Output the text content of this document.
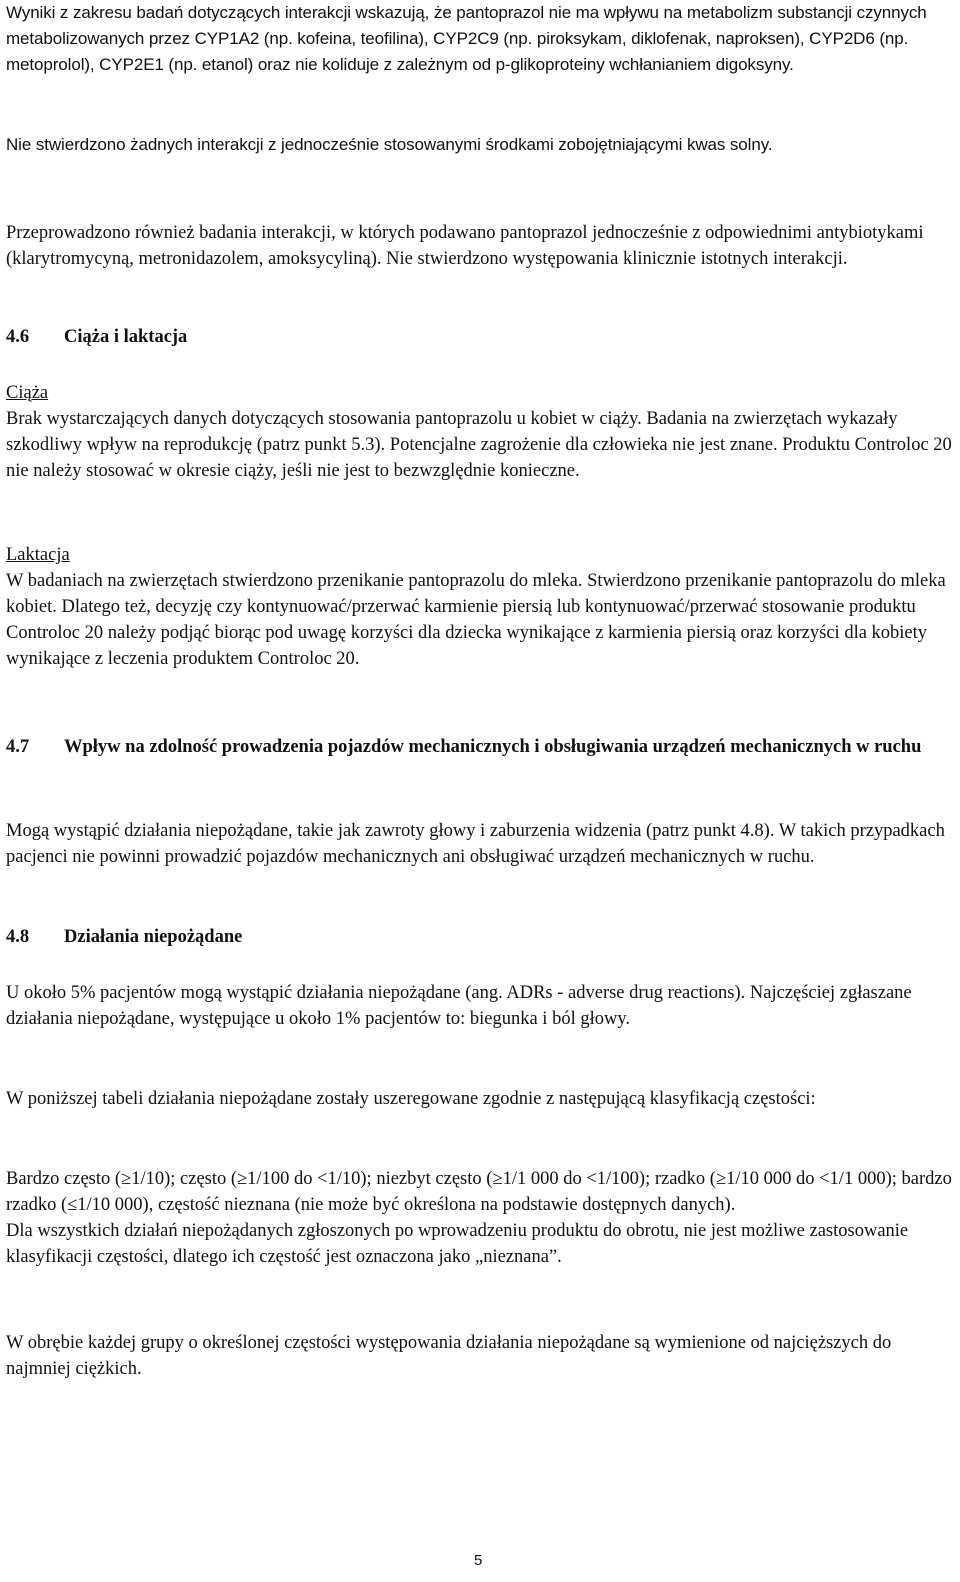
Wyniki z zakresu badań dotyczących interakcji wskazują, że pantoprazol nie ma wpływu na metabolizm substancji czynnych metabolizowanych przez CYP1A2 (np. kofeina, teofilina), CYP2C9 (np. piroksykam, diklofenak, naproksen), CYP2D6 (np. metoprolol), CYP2E1 (np. etanol) oraz nie koliduje z zależnym od p-glikoproteiny wchłanianiem digoksyny.

Nie stwierdzono żadnych interakcji z jednocześnie stosowanymi środkami zobojętniającymi kwas solny.

Przeprowadzono również badania interakcji, w których podawano pantoprazol jednocześnie z odpowiednimi antybiotykami (klarytromycyną, metronidazolem, amoksycyliną). Nie stwierdzono występowania klinicznie istotnych interakcji.

4.6 Ciąża i laktacja

Ciąża

Brak wystarczających danych dotyczących stosowania pantoprazolu u kobiet w ciąży. Badania na zwierzętach wykazały szkodliwy wpływ na reprodukcję (patrz punkt 5.3). Potencjalne zagrożenie dla człowieka nie jest znane. Produktu Controloc 20 nie należy stosować w okresie ciąży, jeśli nie jest to bezwzględnie konieczne.

Laktacja

W badaniach na zwierzętach stwierdzono przenikanie pantoprazolu do mleka. Stwierdzono przenikanie pantoprazolu do mleka kobiet. Dlatego też, decyzję czy kontynuować/przerwać karmienie piersią lub kontynuować/przerwać stosowanie produktu Controloc 20 należy podjąć biorąc pod uwagę korzyści dla dziecka wynikające z karmienia piersią oraz korzyści dla kobiety wynikające z leczenia produktem Controloc 20.

4.7	Wpływ na zdolność prowadzenia pojazdów mechanicznych i obsługiwania urządzeń mechanicznych w ruchu

Mogą wystąpić działania niepożądane, takie jak zawroty głowy i zaburzenia widzenia (patrz punkt 4.8). W takich przypadkach pacjenci nie powinni prowadzić pojazdów mechanicznych ani obsługiwać urządzeń mechanicznych w ruchu.

4.8 Działania niepożądane

U około 5% pacjentów mogą wystąpić działania niepożądane (ang. ADRs - adverse drug reactions). Najczęściej zgłaszane działania niepożądane, występujące u około 1% pacjentów to: biegunka i ból głowy.

W poniższej tabeli działania niepożądane zostały uszeregowane zgodnie z następującą klasyfikacją częstości:

Bardzo często (≥1/10); często (≥1/100 do <1/10); niezbyt często (≥1/1 000 do <1/100); rzadko (≥1/10 000 do <1/1 000); bardzo rzadko (≤1/10 000), częstość nieznana (nie może być określona na podstawie dostępnych danych).
Dla wszystkich działań niepożądanych zgłoszonych po wprowadzeniu produktu do obrotu, nie jest możliwe zastosowanie klasyfikacji częstości, dlatego ich częstość jest oznaczona jako „nieznana”.

W obrębie każdej grupy o określonej częstości występowania działania niepożądane są wymienione od najcięższych do najmniej ciężkich.

5
